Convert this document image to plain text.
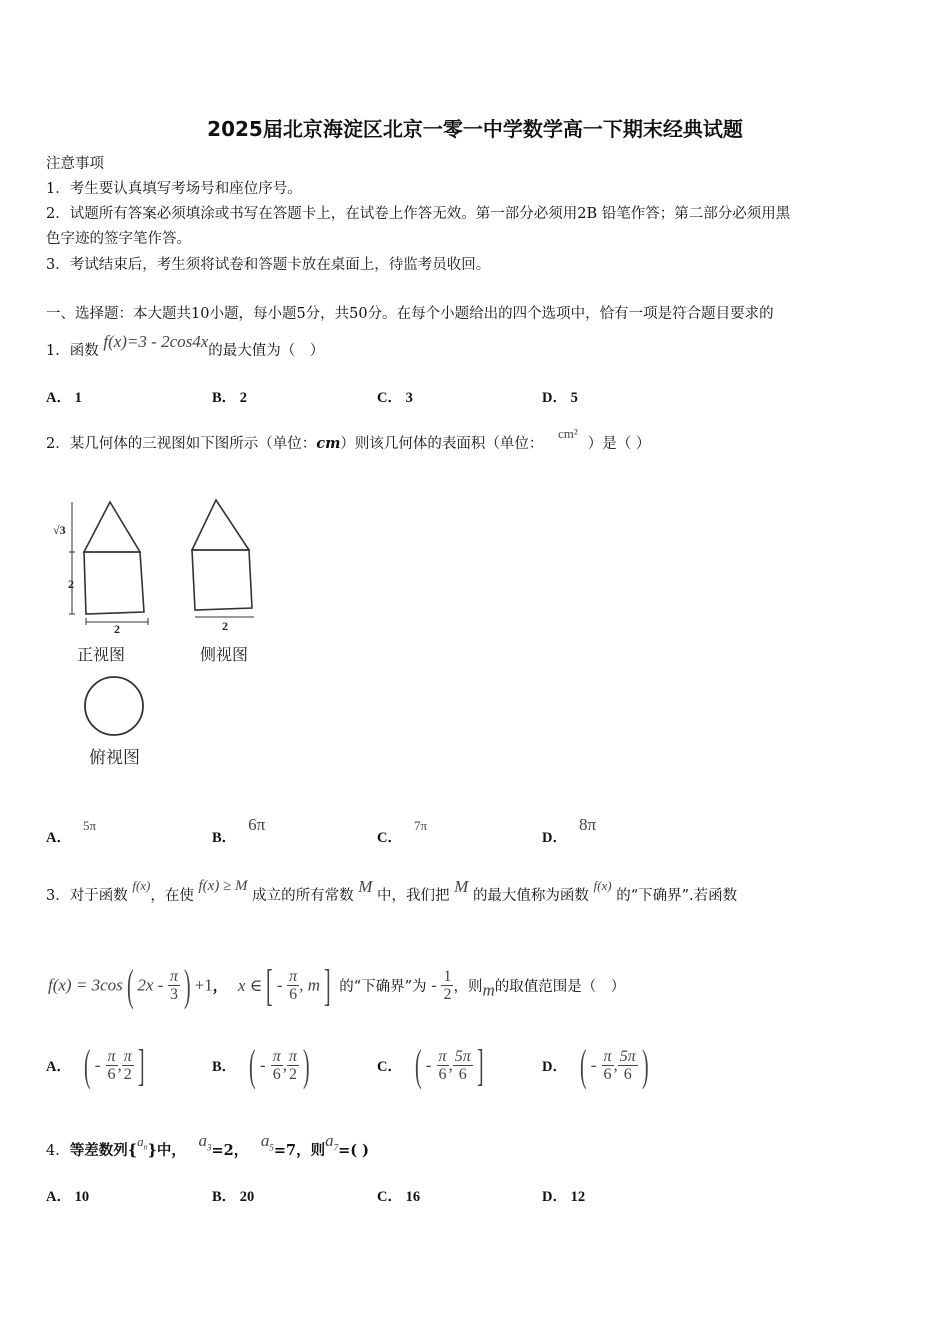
2025届北京海淀区北京一零一中学数学高一下期末经典试题
注意事项
1．考生要认真填写考场号和座位序号。
2．试题所有答案必须填涂或书写在答题卡上，在试卷上作答无效。第一部分必须用2B 铅笔作答；第二部分必须用黑
色字迹的签字笔作答。
3．考试结束后，考生须将试卷和答题卡放在桌面上，待监考员收回。
一、选择题：本大题共10小题，每小题5分，共50分。在每个小题给出的四个选项中，恰有一项是符合题目要求的
1．函数 f(x)=3 - 2cos4x的最大值为（　）
A． 1	B． 2	C． 3	D． 5
2．某几何体的三视图如下图所示（单位：cm）则该几何体的表面积（单位： cm²）是（ ）
√3
2
2	2
正视图	侧视图
俯视图
A．5π
B．6π
C．7π
D．8π
3．对于函数 f(x)，在使 f(x) ≥ M 成立的所有常数 M 中，我们把 M 的最大值称为函数 f(x) 的“下确界”.若函数
f(x) = 3cos( $2x - \frac{\pi}{3}$ ) +1， x ∈[ - $\frac{\pi}{6}$ , m] 的“下确界”为 - $\frac{1}{2}$ ，则m的取值范围是（　）
A． ( - $\frac{\pi}{6}$ , $\frac{\pi}{2}$ ]	B． ( - $\frac{\pi}{6}$ , $\frac{\pi}{2}$ )	C． ( - $\frac{\pi}{6}$ , $\frac{5\pi}{6}$ ]	D． ( - $\frac{\pi}{6}$ , $\frac{5\pi}{6}$ )
4．等差数列$\{a_n\}$中， $a_3=2$， $a_5=7$，则$a_7=$( )
A． 10	B． 20	C． 16	D． 12
